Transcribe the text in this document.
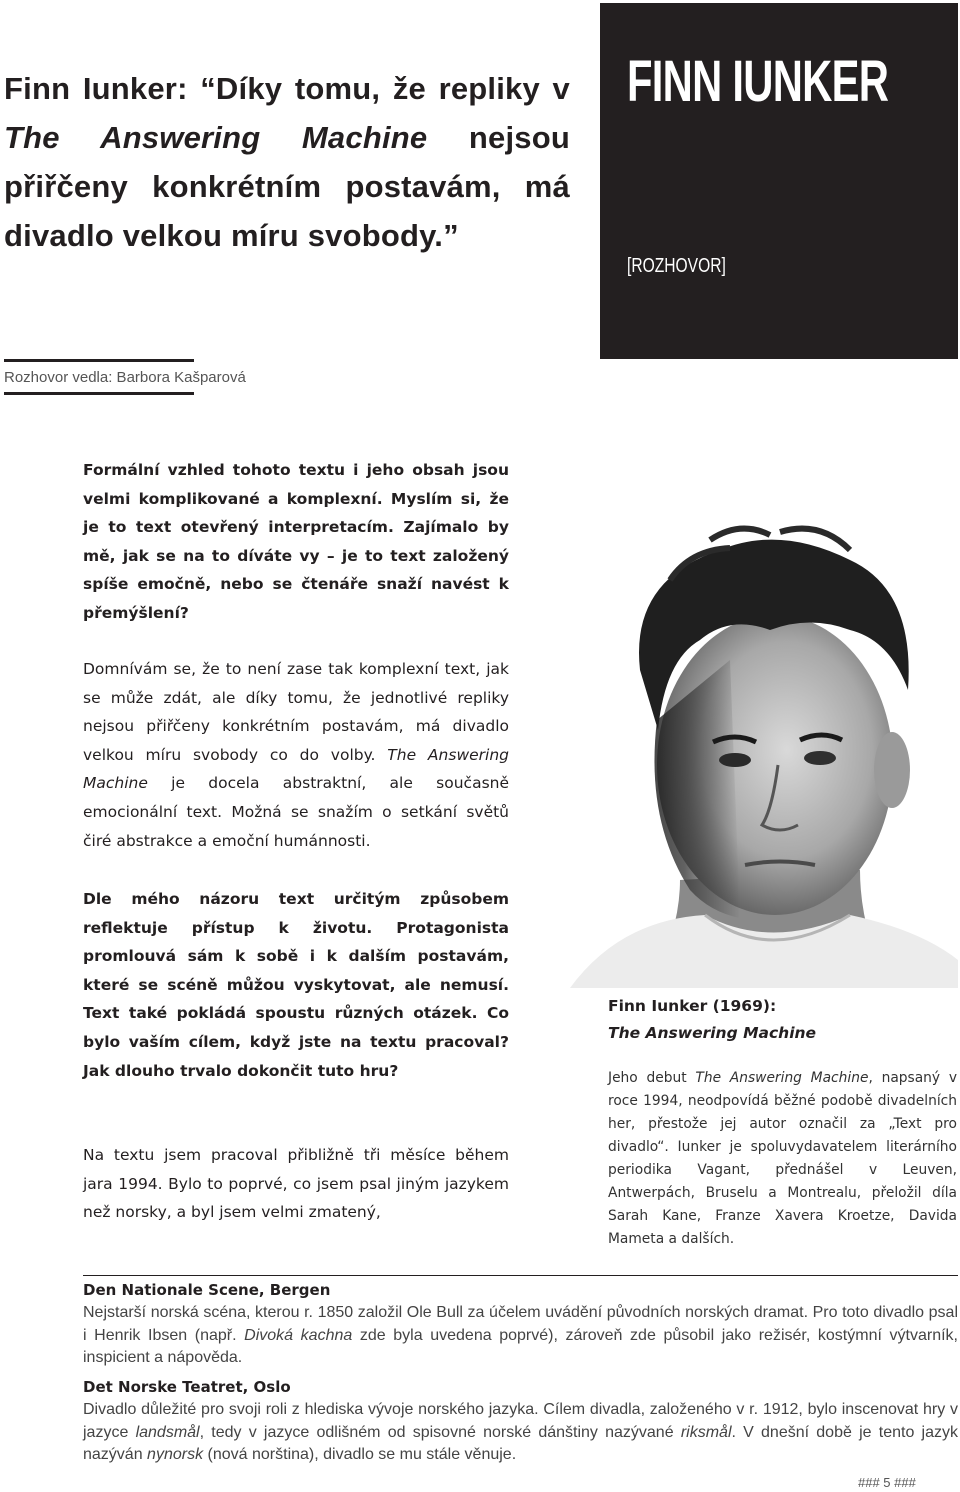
Finn Iunker: “Díky tomu, že repliky v The Answering Machine nejsou přiřčeny konkrétním postavám, má divadlo velkou míru svobody.”
FINN IUNKER
[ROZHOVOR]
Rozhovor vedla: Barbora Kašparová

Formální vzhled tohoto textu i jeho obsah jsou velmi komplikované a komplexní. Myslím si, že je to text otevřený interpretacím. Zajímalo by mě, jak se na to díváte vy – je to text založený spíše emočně, nebo se čtenáře snaží navést k přemýšlení?

Domnívám se, že to není zase tak komplexní text, jak se může zdát, ale díky tomu, že jednotlivé repliky nejsou přiřčeny konkrétním postavám, má divadlo velkou míru svobody co do volby. The Answering Machine je docela abstraktní, ale současně emocionální text. Možná se snažím o setkání světů čiré abstrakce a emoční humánnosti.

Dle mého názoru text určitým způsobem reflektuje přístup k životu. Protagonista promlouvá sám k sobě i k dalším postavám, které se scéně můžou vyskytovat, ale nemusí. Text také pokládá spoustu různých otázek. Co bylo vaším cílem, když jste na textu pracoval? Jak dlouho trvalo dokončit tuto hru?

Na textu jsem pracoval přibližně tři měsíce během jara 1994. Bylo to poprvé, co jsem psal jiným jazykem než norsky, a byl jsem velmi zmatený,

Finn Iunker (1969):
The Answering Machine

Jeho debut The Answering Machine, napsaný v roce 1994, neodpovídá běžné podobě divadelních her, přestože jej autor označil za „Text pro divadlo“. Iunker je spoluvydavatelem literárního periodika Vagant, přednášel v Leuven, Antwerpách, Bruselu a Montrealu, přeložil díla Sarah Kane, Franze Xavera Kroetze, Davida Mameta a dalších.

Den Nationale Scene, Bergen

Nejstarší norská scéna, kterou r. 1850 založil Ole Bull za účelem uvádění původních norských dramat. Pro toto divadlo psal i Henrik Ibsen (např. Divoká kachna zde byla uvedena poprvé), zároveň zde působil jako režisér, kostýmní výtvarník, inspicient a nápověda.

Det Norske Teatret, Oslo

Divadlo důležité pro svoji roli z hlediska vývoje norského jazyka. Cílem divadla, založeného v r. 1912, bylo inscenovat hry v jazyce landsmål, tedy v jazyce odlišném od spisovné norské dánštiny nazývané riksmål. V dnešní době je tento jazyk nazýván nynorsk (nová norština), divadlo se mu stále věnuje.

### 5 ###
